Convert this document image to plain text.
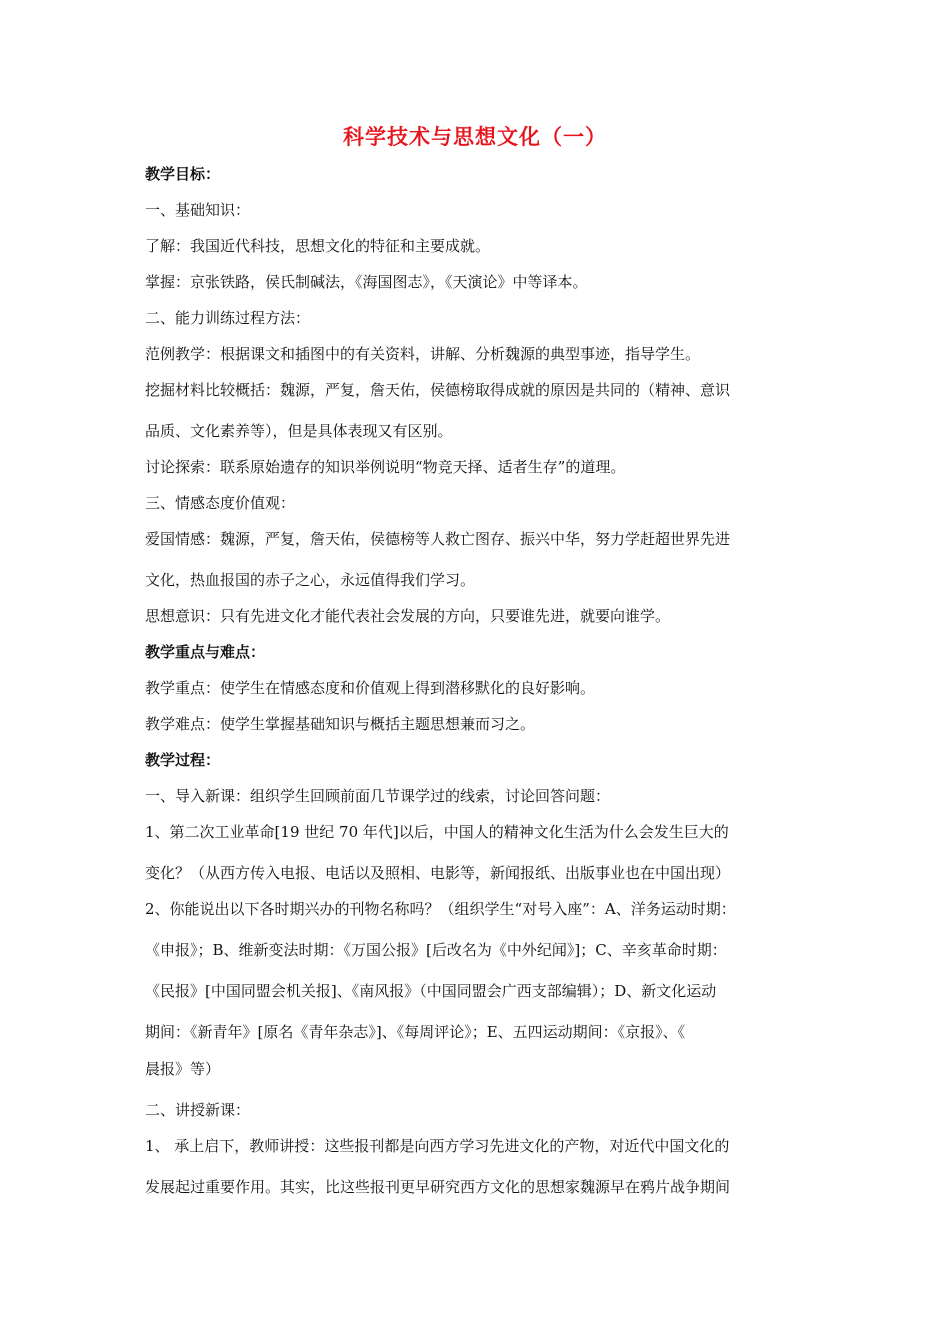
科学技术与思想文化（一）
教学目标：
一、基础知识：
了解：我国近代科技，思想文化的特征和主要成就。
掌握：京张铁路，侯氏制碱法，《海国图志》，《天演论》中等译本。
二、能力训练过程方法：
范例教学：根据课文和插图中的有关资料，讲解、分析魏源的典型事迹，指导学生。
挖掘材料比较概括：魏源，严复，詹天佑，侯德榜取得成就的原因是共同的（精神、意识
品质、文化素养等），但是具体表现又有区别。
讨论探索：联系原始遗存的知识举例说明“物竞天择、适者生存”的道理。
三、情感态度价值观：
爱国情感：魏源，严复，詹天佑，侯德榜等人救亡图存、振兴中华，努力学赶超世界先进
文化，热血报国的赤子之心，永远值得我们学习。
思想意识：只有先进文化才能代表社会发展的方向，只要谁先进，就要向谁学。
教学重点与难点：
教学重点：使学生在情感态度和价值观上得到潜移默化的良好影响。
教学难点：使学生掌握基础知识与概括主题思想兼而习之。
教学过程：
一、导入新课：组织学生回顾前面几节课学过的线索，讨论回答问题：
1、第二次工业革命[19 世纪 70 年代]以后，中国人的精神文化生活为什么会发生巨大的
变化？（从西方传入电报、电话以及照相、电影等，新闻报纸、出版事业也在中国出现）
2、你能说出以下各时期兴办的刊物名称吗？（组织学生“对号入座”：A、洋务运动时期：
《申报》；B、维新变法时期：《万国公报》[后改名为《中外纪闻》]；C、辛亥革命时期：
《民报》[中国同盟会机关报]、《南风报》（中国同盟会广西支部编辑）；D、新文化运动
期间：《新青年》[原名《青年杂志》]、《每周评论》；E、五四运动期间：《京报》、《
晨报》等）
二、讲授新课：
1、 承上启下，教师讲授：这些报刊都是向西方学习先进文化的产物，对近代中国文化的
发展起过重要作用。其实，比这些报刊更早研究西方文化的思想家魏源早在鸦片战争期间
